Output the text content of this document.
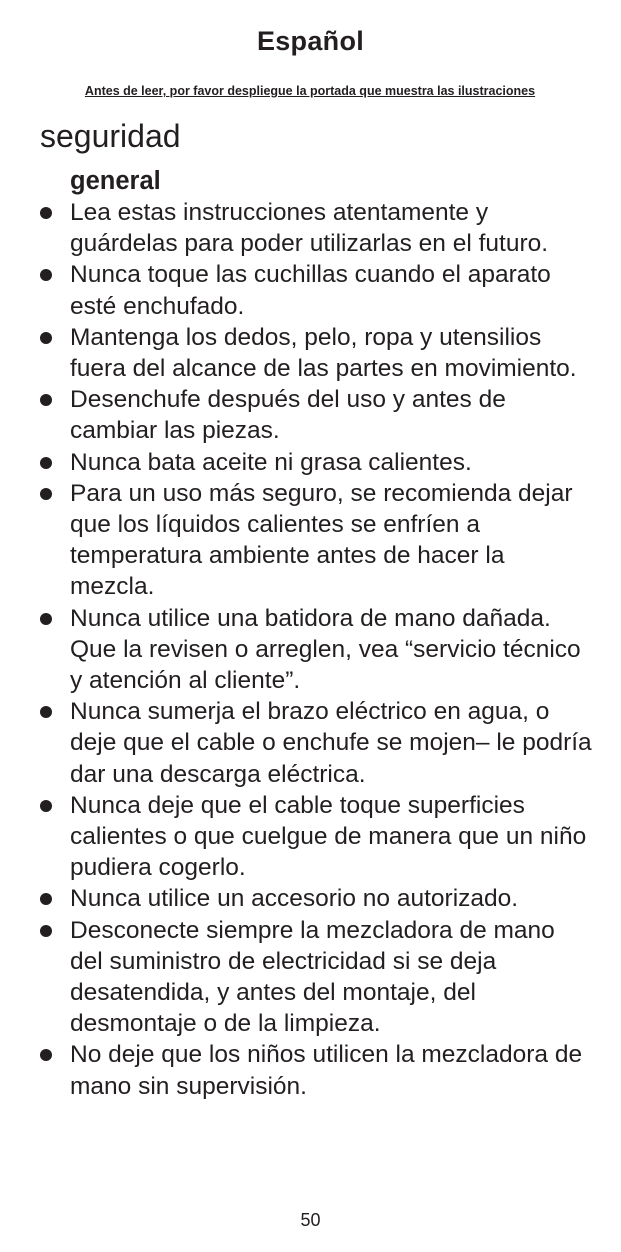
Español
Antes de leer, por favor despliegue la portada que muestra las ilustraciones
seguridad
general
Lea estas instrucciones atentamente y guárdelas para poder utilizarlas en el futuro.
Nunca toque las cuchillas cuando el aparato esté enchufado.
Mantenga los dedos, pelo, ropa y utensilios fuera del alcance de las partes en movimiento.
Desenchufe después del uso y antes de cambiar las piezas.
Nunca bata aceite ni grasa calientes.
Para un uso más seguro, se recomienda dejar que los líquidos calientes se enfríen a temperatura ambiente antes de hacer la mezcla.
Nunca utilice una batidora de mano dañada. Que la revisen o arreglen, vea “servicio técnico y atención al cliente”.
Nunca sumerja el brazo eléctrico en agua, o deje que el cable o enchufe se mojen– le podría dar una descarga eléctrica.
Nunca deje que el cable toque superficies calientes o que cuelgue de manera que un niño pudiera cogerlo.
Nunca utilice un accesorio no autorizado.
Desconecte siempre la mezcladora de mano del suministro de electricidad si se deja desatendida, y antes del montaje, del desmontaje o de la limpieza.
No deje que los niños utilicen la mezcladora de mano sin supervisión.
50
